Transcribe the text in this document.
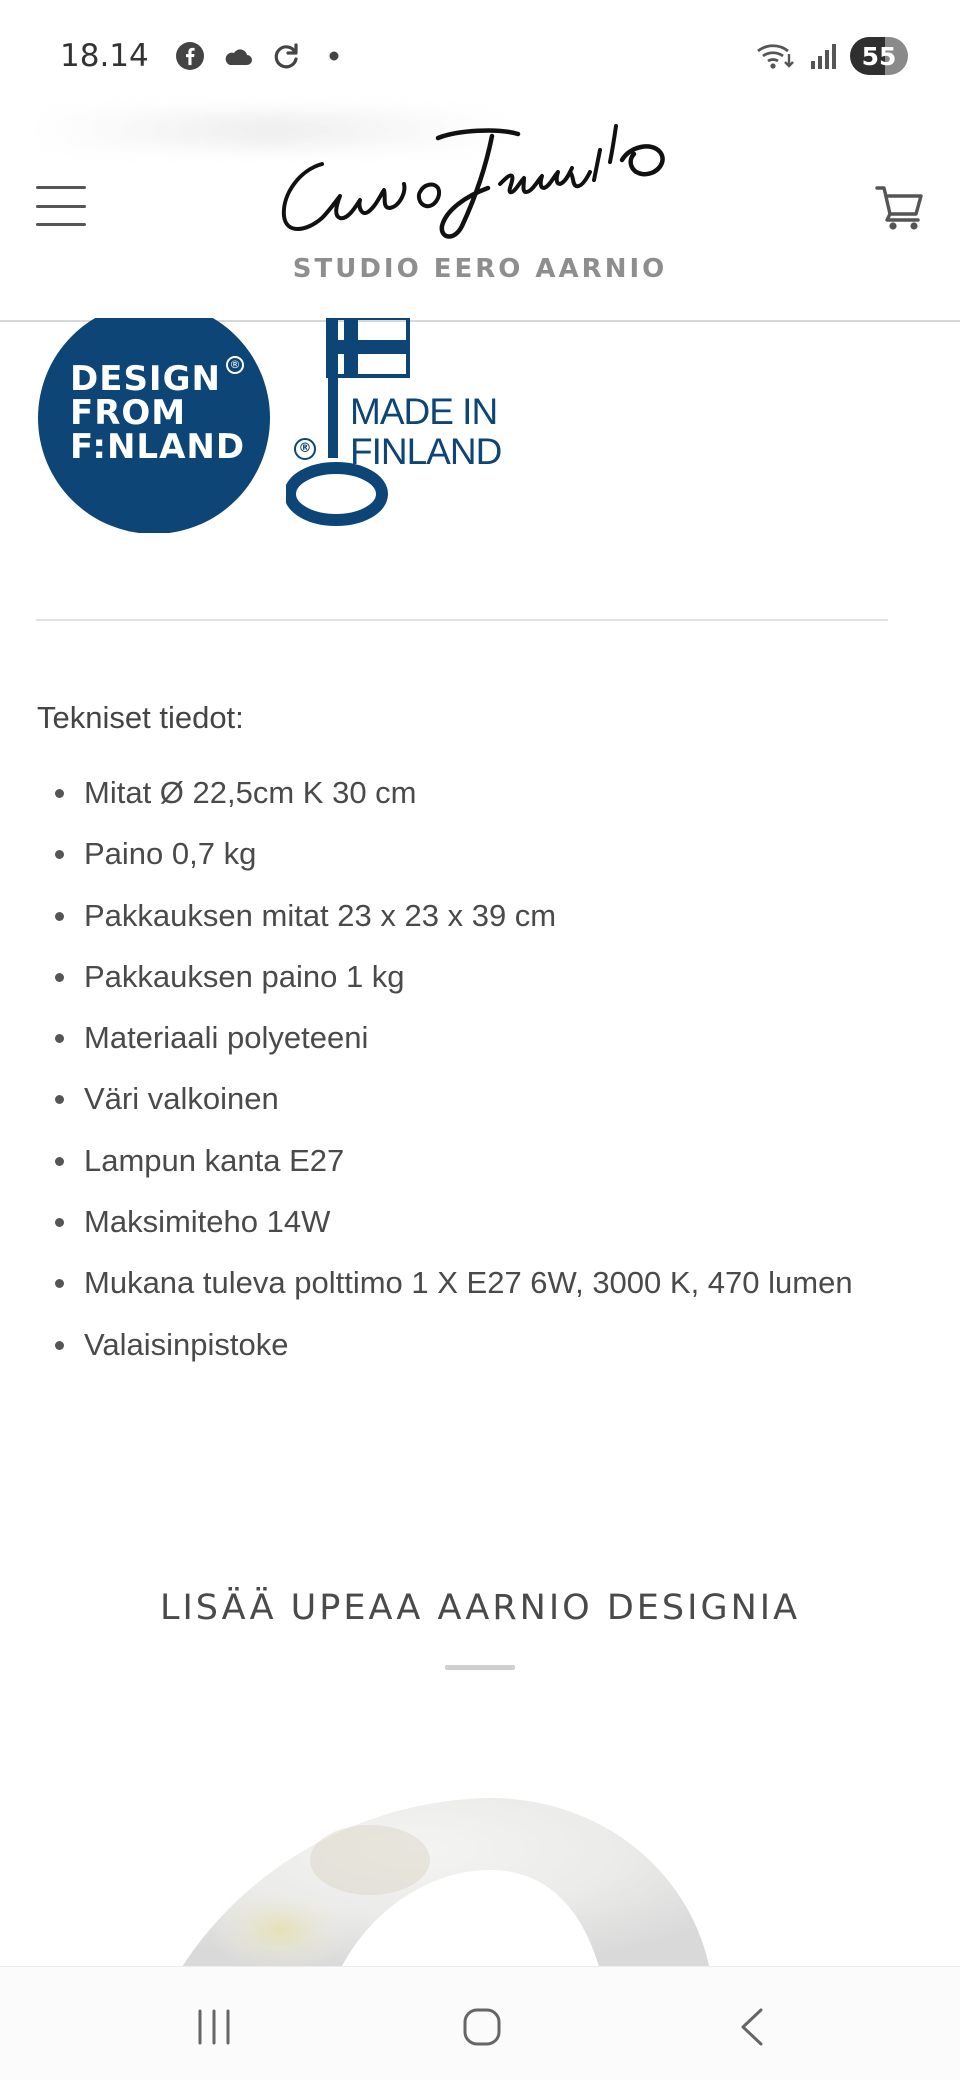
18.14	55
STUDIO EERO AARNIO
DESIGN
FROM
F:NLAND
®
MADE IN
FINLAND
®
Tekniset tiedot:
Mitat Ø 22,5cm K 30 cm
Paino 0,7 kg
Pakkauksen mitat 23 x 23 x 39 cm
Pakkauksen paino 1 kg
Materiaali polyeteeni
Väri valkoinen
Lampun kanta E27
Maksimiteho 14W
Mukana tuleva polttimo 1 X E27 6W, 3000 K, 470 lumen
Valaisinpistoke
LISÄÄ UPEAA AARNIO DESIGNIA
